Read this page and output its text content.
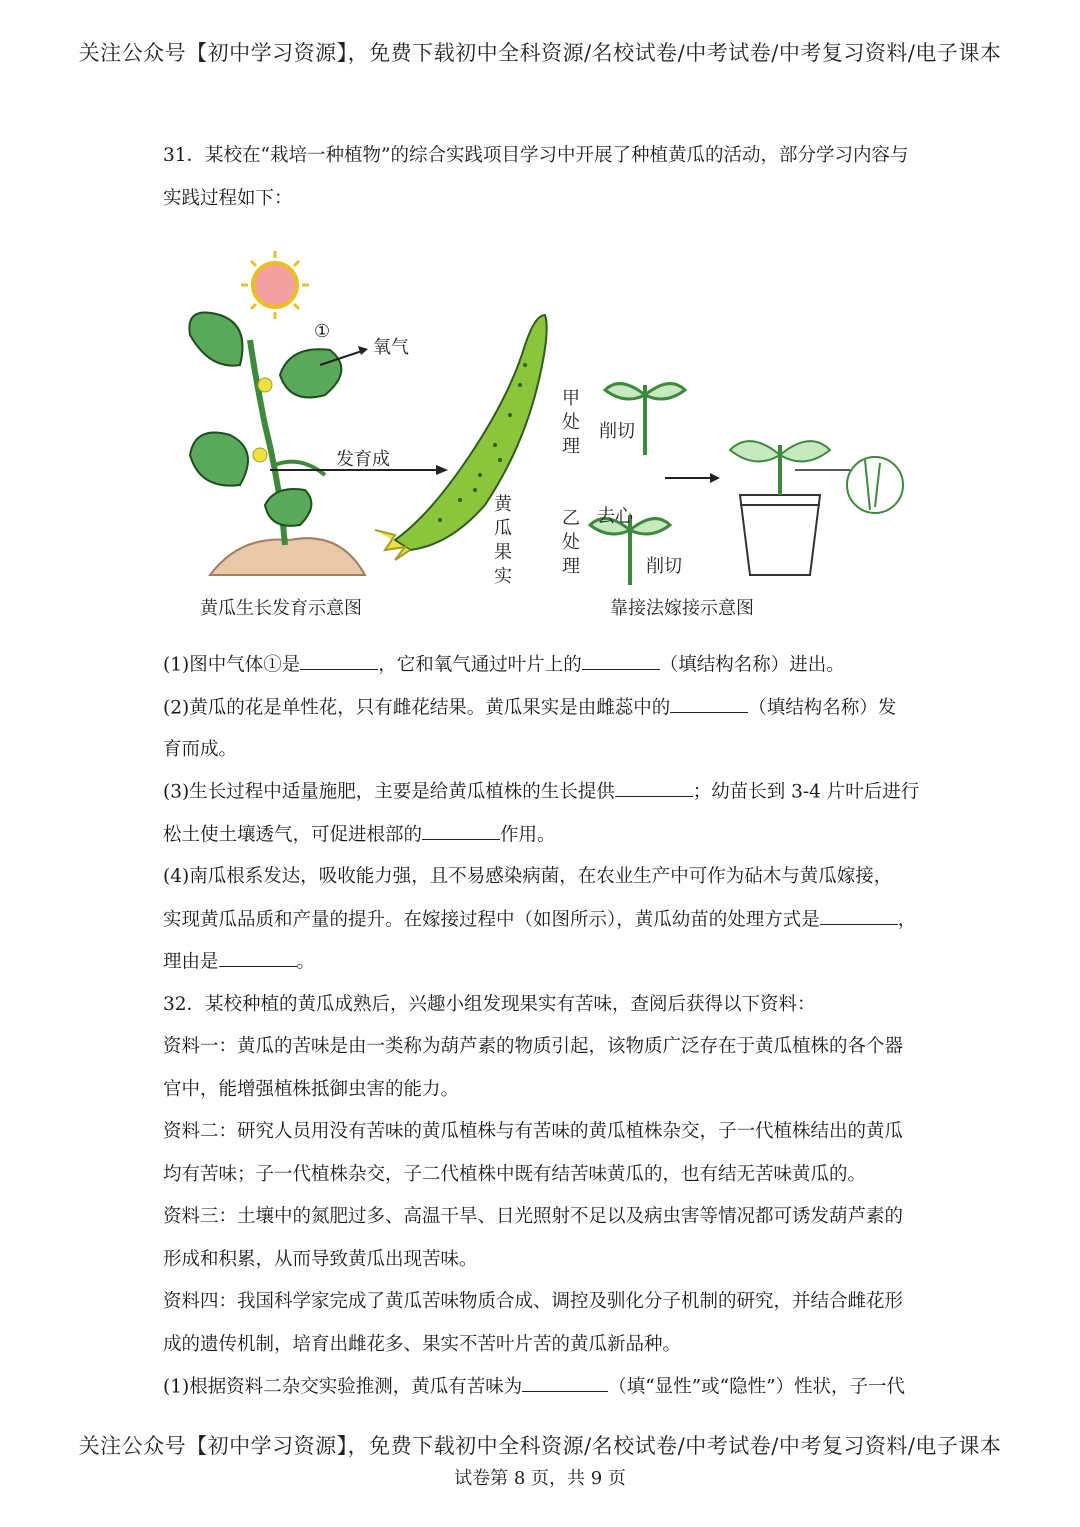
关注公众号【初中学习资源】，免费下载初中全科资源/名校试卷/中考试卷/中考复习资料/电子课本
31．某校在“栽培一种植物”的综合实践项目学习中开展了种植黄瓜的活动，部分学习内容与
实践过程如下：
①
氧气
发育成
黄瓜果实
黄瓜生长发育示意图
甲处理
削切
乙处理
去心
削切
靠接法嫁接示意图
(1)图中气体①是	，它和氧气通过叶片上的	（填结构名称）进出。
(2)黄瓜的花是单性花，只有雌花结果。黄瓜果实是由雌蕊中的	（填结构名称）发
育而成。
(3)生长过程中适量施肥，主要是给黄瓜植株的生长提供	；幼苗长到 3-4 片叶后进行
松土使土壤透气，可促进根部的	作用。
(4)南瓜根系发达，吸收能力强，且不易感染病菌，在农业生产中可作为砧木与黄瓜嫁接，
实现黄瓜品质和产量的提升。在嫁接过程中（如图所示），黄瓜幼苗的处理方式是	，
理由是	。
32．某校种植的黄瓜成熟后，兴趣小组发现果实有苦味，查阅后获得以下资料：
资料一：黄瓜的苦味是由一类称为葫芦素的物质引起，该物质广泛存在于黄瓜植株的各个器
官中，能增强植株抵御虫害的能力。
资料二：研究人员用没有苦味的黄瓜植株与有苦味的黄瓜植株杂交，子一代植株结出的黄瓜
均有苦味；子一代植株杂交，子二代植株中既有结苦味黄瓜的，也有结无苦味黄瓜的。
资料三：土壤中的氮肥过多、高温干旱、日光照射不足以及病虫害等情况都可诱发葫芦素的
形成和积累，从而导致黄瓜出现苦味。
资料四：我国科学家完成了黄瓜苦味物质合成、调控及驯化分子机制的研究，并结合雌花形
成的遗传机制，培育出雌花多、果实不苦叶片苦的黄瓜新品种。
(1)根据资料二杂交实验推测，黄瓜有苦味为	（填“显性”或“隐性”）性状，子一代
关注公众号【初中学习资源】，免费下载初中全科资源/名校试卷/中考试卷/中考复习资料/电子课本
试卷第 8 页，共 9 页
